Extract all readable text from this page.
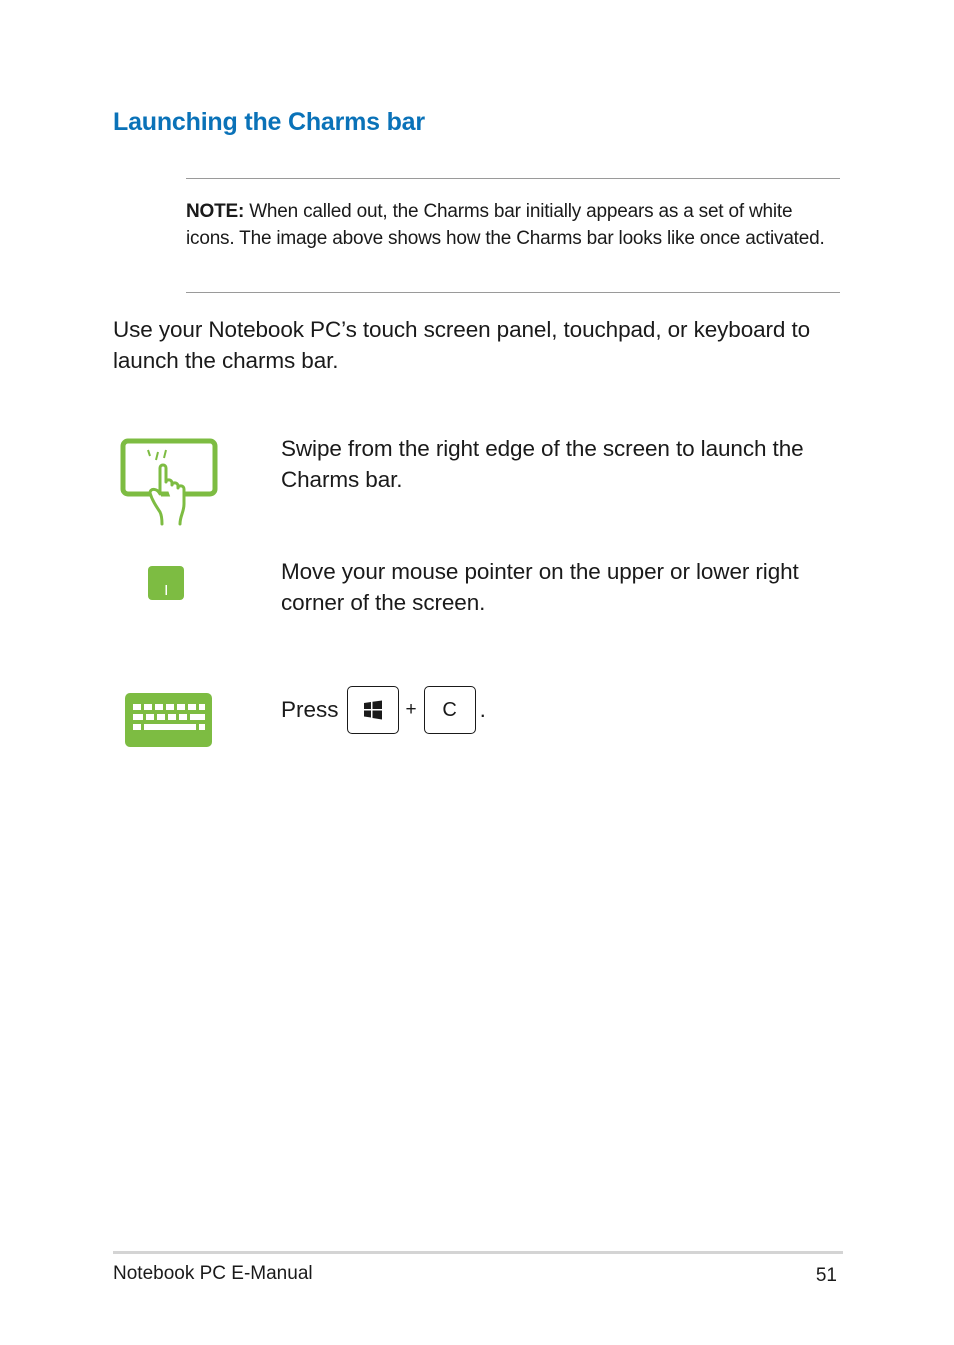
Launching the Charms bar
NOTE: When called out, the Charms bar initially appears as a set of white icons. The image above shows how the Charms bar looks like once activated.
Use your Notebook PC’s touch screen panel, touchpad, or keyboard to launch the charms bar.
Swipe from the right edge of the screen to launch the Charms bar.
Move your mouse pointer on the upper or lower right corner of the screen.
Press	+	C	.
Notebook PC E-Manual	51
